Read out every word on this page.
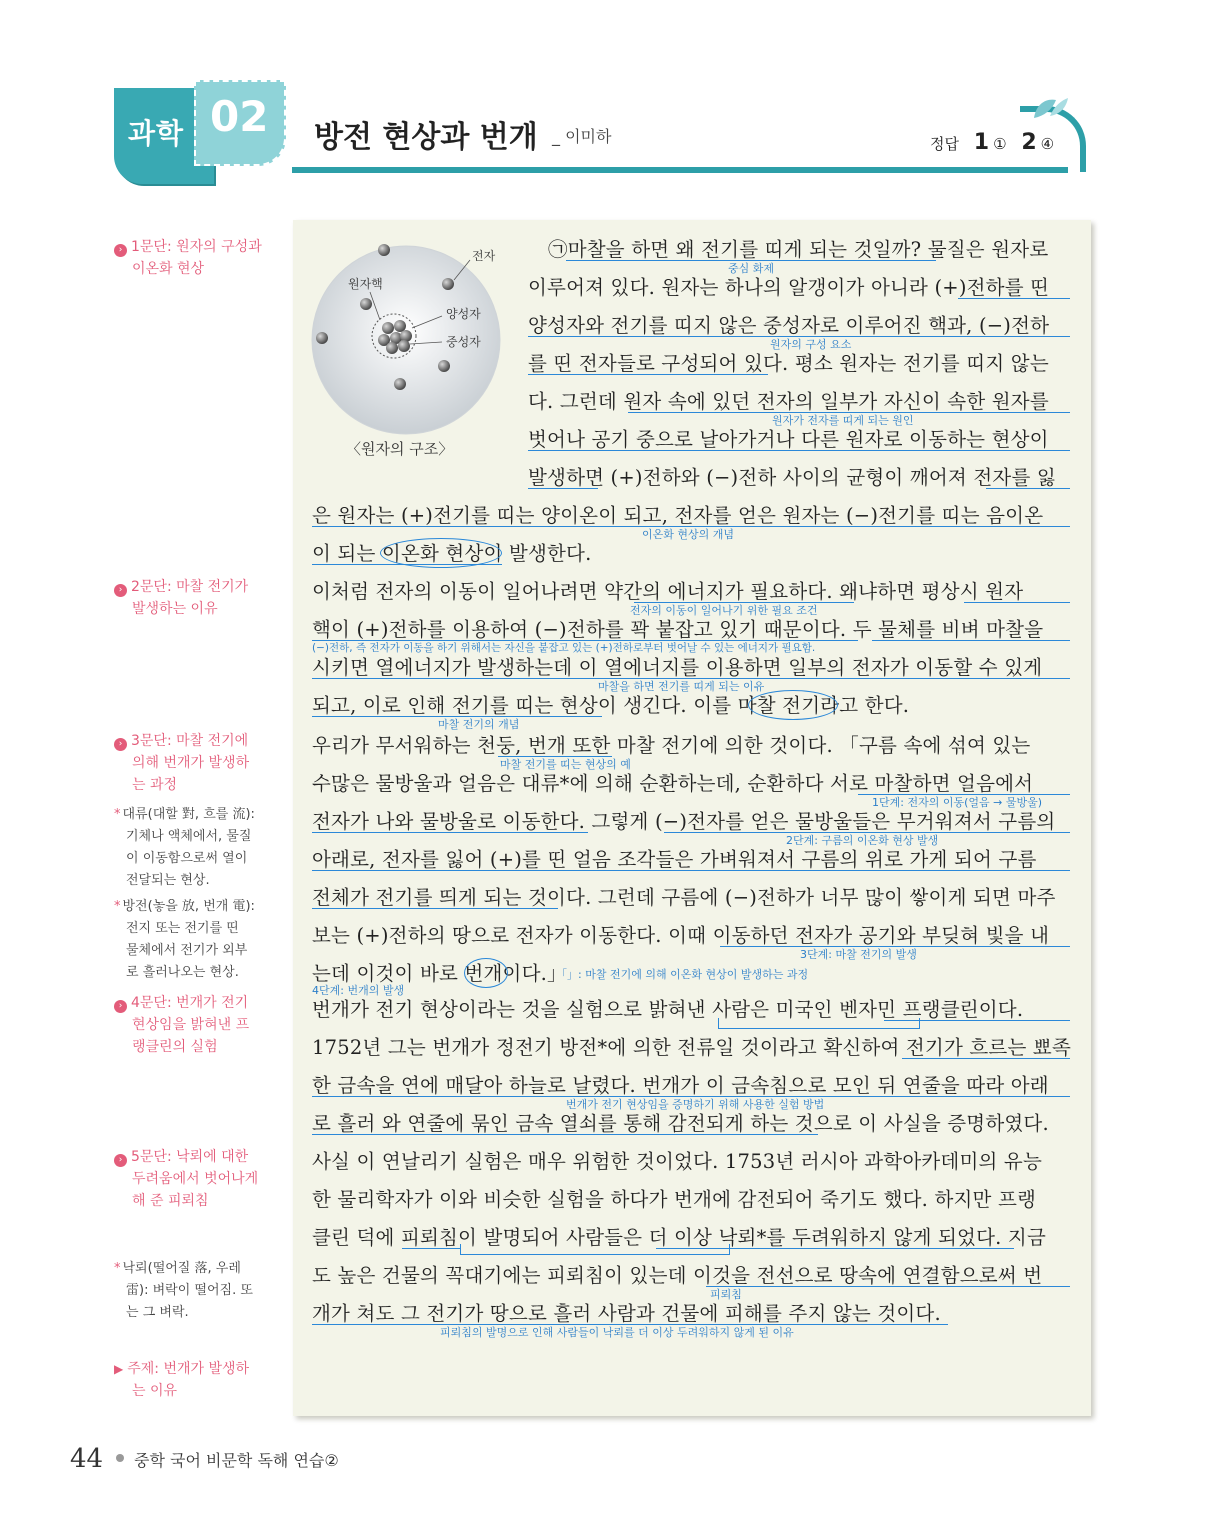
과학 02 방전 현상과 번개 _ 이미하	정답 1 ① 2 ④
› 1문단: 원자의 구성과
이온화 현상
› 2문단: 마찰 전기가
발생하는 이유
› 3문단: 마찰 전기에
의해 번개가 발생하
는 과정
* 대류(대할 對, 흐를 流):
기체나 액체에서, 물질
이 이동함으로써 열이
전달되는 현상.
* 방전(놓을 放, 번개 電):
전지 또는 전기를 띤
물체에서 전기가 외부
로 흘러나오는 현상.
› 4문단: 번개가 전기
현상임을 밝혀낸 프
랭클린의 실험
› 5문단: 낙뢰에 대한
두려움에서 벗어나게
해 준 피뢰침
* 낙뢰(떨어질 落, 우레
雷): 벼락이 떨어짐. 또
는 그 벼락.
▶ 주제: 번개가 발생하
는 이유
전자
원자핵
양성자
중성자
〈원자의 구조〉
㉠마찰을 하면 왜 전기를 띠게 되는 것일까? 물질은 원자로
이루어져 있다. 원자는 하나의 알갱이가 아니라 (+)전하를 띤
양성자와 전기를 띠지 않은 중성자로 이루어진 핵과, (−)전하
를 띤 전자들로 구성되어 있다. 평소 원자는 전기를 띠지 않는
다. 그런데 원자 속에 있던 전자의 일부가 자신이 속한 원자를
벗어나 공기 중으로 날아가거나 다른 원자로 이동하는 현상이
발생하면 (+)전하와 (−)전하 사이의 균형이 깨어져 전자를 잃
은 원자는 (+)전기를 띠는 양이온이 되고, 전자를 얻은 원자는 (−)전기를 띠는 음이온
이 되는 이온화 현상이 발생한다.
이처럼 전자의 이동이 일어나려면 약간의 에너지가 필요하다. 왜냐하면 평상시 원자
핵이 (+)전하를 이용하여 (−)전하를 꽉 붙잡고 있기 때문이다. 두 물체를 비벼 마찰을
시키면 열에너지가 발생하는데 이 열에너지를 이용하면 일부의 전자가 이동할 수 있게
되고, 이로 인해 전기를 띠는 현상이 생긴다. 이를 마찰 전기라고 한다.
우리가 무서워하는 천둥, 번개 또한 마찰 전기에 의한 것이다. 「구름 속에 섞여 있는
수많은 물방울과 얼음은 대류*에 의해 순환하는데, 순환하다 서로 마찰하면 얼음에서
전자가 나와 물방울로 이동한다. 그렇게 (−)전자를 얻은 물방울들은 무거워져서 구름의
아래로, 전자를 잃어 (+)를 띤 얼음 조각들은 가벼워져서 구름의 위로 가게 되어 구름
전체가 전기를 띄게 되는 것이다. 그런데 구름에 (−)전하가 너무 많이 쌓이게 되면 마주
보는 (+)전하의 땅으로 전자가 이동한다. 이때 이동하던 전자가 공기와 부딪혀 빛을 내
는데 이것이 바로 번개이다.」
번개가 전기 현상이라는 것을 실험으로 밝혀낸 사람은 미국인 벤자민 프랭클린이다.
1752년 그는 번개가 정전기 방전*에 의한 전류일 것이라고 확신하여 전기가 흐르는 뾰족
한 금속을 연에 매달아 하늘로 날렸다. 번개가 이 금속침으로 모인 뒤 연줄을 따라 아래
로 흘러 와 연줄에 묶인 금속 열쇠를 통해 감전되게 하는 것으로 이 사실을 증명하였다.
사실 이 연날리기 실험은 매우 위험한 것이었다. 1753년 러시아 과학아카데미의 유능
한 물리학자가 이와 비슷한 실험을 하다가 번개에 감전되어 죽기도 했다. 하지만 프랭
클린 덕에 피뢰침이 발명되어 사람들은 더 이상 낙뢰*를 두려워하지 않게 되었다. 지금
도 높은 건물의 꼭대기에는 피뢰침이 있는데 이것을 전선으로 땅속에 연결함으로써 번
개가 쳐도 그 전기가 땅으로 흘러 사람과 건물에 피해를 주지 않는 것이다.
중심 화제
원자의 구성 요소
원자가 전자를 띠게 되는 원인
이온화 현상의 개념
전자의 이동이 일어나기 위한 필요 조건
(−)전하, 즉 전자가 이동을 하기 위해서는 자신을 붙잡고 있는 (+)전하로부터 벗어날 수 있는 에너지가 필요함.
마찰을 하면 전기를 띠게 되는 이유
마찰 전기의 개념
마찰 전기를 띠는 현상의 예
1단계: 전자의 이동(얼음 → 물방울)
2단계: 구름의 이온화 현상 발생
3단계: 마찰 전기의 발생
「」: 마찰 전기에 의해 이온화 현상이 발생하는 과정
4단계: 번개의 발생
번개가 전기 현상임을 증명하기 위해 사용한 실험 방법
피뢰침
피뢰침의 발명으로 인해 사람들이 낙뢰를 더 이상 두려워하지 않게 된 이유
44 중학 국어 비문학 독해 연습②
